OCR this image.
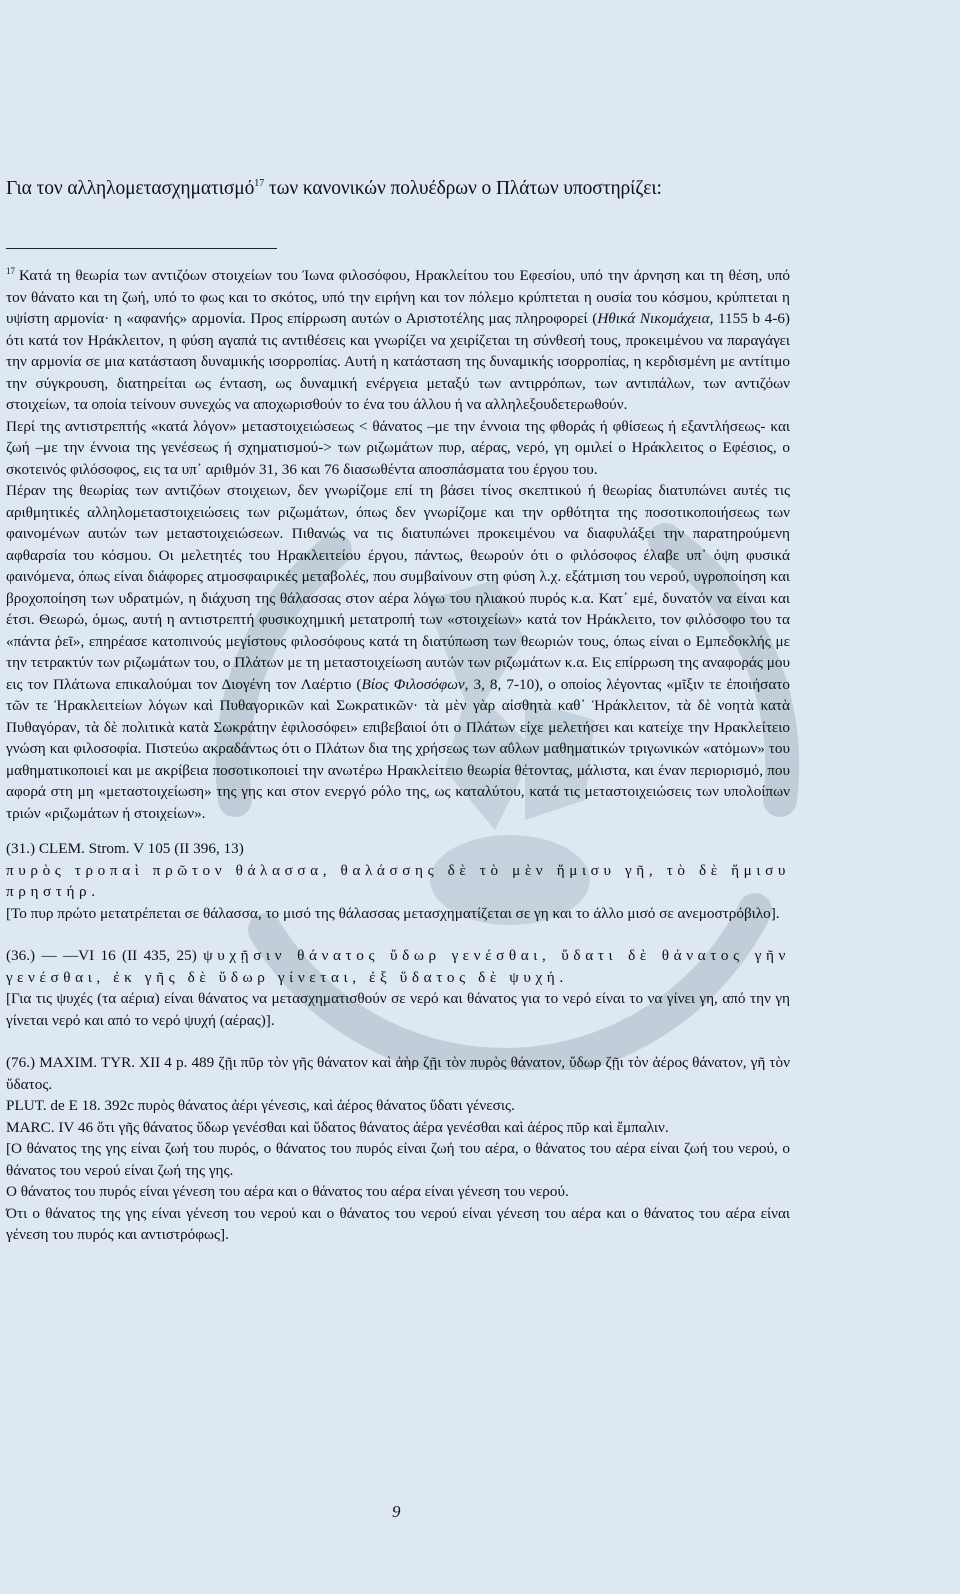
Για τον αλληλομετασχηματισμό$^{17}$ των κανονικών πολυέδρων ο Πλάτων υποστηρίζει:

$^{17}$ Κατά τη θεωρία των αντιζόων στοιχείων του Ίωνα φιλοσόφου, Ηρακλείτου του Εφεσίου, υπό την άρνηση και τη θέση, υπό τον θάνατο και τη ζωή, υπό το φως και το σκότος, υπό την ειρήνη και τον πόλεμο κρύπτεται η ουσία του κόσμου, κρύπτεται η υψίστη αρμονία· η «αφανής» αρμονία. Προς επίρρωση αυτών ο Αριστοτέλης μας πληροφορεί (Ηθικά Νικομάχεια, 1155 b 4-6) ότι κατά τον Ηράκλειτον, η φύση αγαπά τις αντιθέσεις και γνωρίζει να χειρίζεται τη σύνθεσή τους, προκειμένου να παραγάγει την αρμονία σε μια κατάσταση δυναμικής ισορροπίας. Αυτή η κατάσταση της δυναμικής ισορροπίας, η κερδισμένη με αντίτιμο την σύγκρουση, διατηρείται ως ένταση, ως δυναμική ενέργεια μεταξύ των αντιρρόπων, των αντιπάλων, των αντιζόων στοιχείων, τα οποία τείνουν συνεχώς να αποχωρισθούν το ένα του άλλου ή να αλληλεξουδετερωθούν.

Περί της αντιστρεπτής «κατά λόγον» μεταστοιχειώσεως < θάνατος –με την έννοια της φθοράς ή φθίσεως ή εξαντλήσεως- και ζωή –με την έννοια της γενέσεως ή σχηματισμού-> των ριζωμάτων πυρ, αέρας, νερό, γη ομιλεί ο Ηράκλειτος ο Εφέσιος, ο σκοτεινός φιλόσοφος, εις τα υπ᾽ αριθμόν 31, 36 και 76 διασωθέντα αποσπάσματα του έργου του.

Πέραν της θεωρίας των αντιζόων στοιχειων, δεν γνωρίζομε επί τη βάσει τίνος σκεπτικού ή θεωρίας διατυπώνει αυτές τις αριθμητικές αλληλομεταστοιχειώσεις των ριζωμάτων, όπως δεν γνωρίζομε και την ορθότητα της ποσοτικοποιήσεως των φαινομένων αυτών των μεταστοιχειώσεων. Πιθανώς να τις διατυπώνει προκειμένου να διαφυλάξει την παρατηρούμενη αφθαρσία του κόσμου. Οι μελετητές του Ηρακλειτείου έργου, πάντως, θεωρούν ότι ο φιλόσοφος έλαβε υπ᾽ όψη φυσικά φαινόμενα, όπως είναι διάφορες ατμοσφαιρικές μεταβολές, που συμβαίνουν στη φύση λ.χ. εξάτμιση του νερού, υγροποίηση και βροχοποίηση των υδρατμών, η διάχυση της θάλασσας στον αέρα λόγω του ηλιακού πυρός κ.α. Κατ᾽ εμέ, δυνατόν να είναι και έτσι. Θεωρώ, όμως, αυτή η αντιστρεπτή φυσικοχημική μετατροπή των «στοιχείων» κατά τον Ηράκλειτο, τον φιλόσοφο του τα «πάντα ῥεῖ», επηρέασε κατοπινούς μεγίστους φιλοσόφους κατά τη διατύπωση των θεωριών τους, όπως είναι ο Εμπεδοκλής με την τετρακτύν των ριζωμάτων του, ο Πλάτων με τη μεταστοιχείωση αυτών των ριζωμάτων κ.α. Εις επίρρωση της αναφοράς μου εις τον Πλάτωνα επικαλούμαι τον Διογένη τον Λαέρτιο (Βίος Φιλοσόφων, 3, 8, 7-10), ο οποίος λέγοντας «μῖξιν τε ἐποιήσατο τῶν τε Ἡρακλειτείων λόγων καὶ Πυθαγορικῶν καὶ Σωκρατικῶν· τὰ μὲν γὰρ αἰσθητὰ καθ᾽ Ἡράκλειτον, τὰ δὲ νοητὰ κατὰ Πυθαγόραν, τὰ δὲ πολιτικὰ κατὰ Σωκράτην ἐφιλοσόφει» επιβεβαιοί ότι ο Πλάτων είχε μελετήσει και κατείχε την Ηρακλείτειο γνώση και φιλοσοφία. Πιστεύω ακραδάντως ότι ο Πλάτων δια της χρήσεως των αΰλων μαθηματικών τριγωνικών «ατόμων» του μαθηματικοποιεί και με ακρίβεια ποσοτικοποιεί την ανωτέρω Ηρακλείτειο θεωρία θέτοντας, μάλιστα, και έναν περιορισμό, που αφορά στη μη «μεταστοιχείωση» της γης και στον ενεργό ρόλο της, ως καταλύτου, κατά τις μεταστοιχειώσεις των υπολοίπων τριών «ριζωμάτων ή στοιχείων».

(31.) CLEM. Strom. V 105 (II 396, 13)

πυρὸς τροπαὶ πρῶτον θάλασσα, θαλάσσης δὲ τὸ μὲν ἥμισυ γῆ, τὸ δὲ ἥμισυ πρηστήρ.

[Το πυρ πρώτο μετατρέπεται σε θάλασσα, το μισό της θάλασσας μετασχηματίζεται σε γη και το άλλο μισό σε ανεμοστρόβιλο].

(36.) — —VI 16 (II 435, 25) ψυχῇσιν θάνατος ὕδωρ γενέσθαι, ὕδατι δὲ θάνατος γῆν γενέσθαι, ἐκ γῆς δὲ ὕδωρ γίνεται, ἐξ ὕδατος δὲ ψυχή.

[Για τις ψυχές (τα αέρια) είναι θάνατος να μετασχηματισθούν σε νερό και θάνατος για το νερό είναι το να γίνει γη, από την γη γίνεται νερό και από το νερό ψυχή (αέρας)].

(76.) MAXIM. TYR. XII 4 p. 489 ζῇι πῦρ τὸν γῆς θάνατον καὶ ἀὴρ ζῇι τὸν πυρὸς θάνατον, ὕδωρ ζῇι τὸν ἀέρος θάνατον, γῆ τὸν ὕδατος.

PLUT. de E 18. 392c πυρὸς θάνατος ἀέρι γένεσις, καὶ ἀέρος θάνατος ὕδατι γένεσις.

MARC. IV 46 ὅτι γῆς θάνατος ὕδωρ γενέσθαι καὶ ὕδατος θάνατος ἀέρα γενέσθαι καὶ ἀέρος πῦρ καὶ ἔμπαλιν.

[Ο θάνατος της γης είναι ζωή του πυρός, ο θάνατος του πυρός είναι ζωή του αέρα, ο θάνατος του αέρα είναι ζωή του νερού, ο θάνατος του νερού είναι ζωή της γης.

Ο θάνατος του πυρός είναι γένεση του αέρα και ο θάνατος του αέρα είναι γένεση του νερού.

Ότι ο θάνατος της γης είναι γένεση του νερού και ο θάνατος του νερού είναι γένεση του αέρα και ο θάνατος του αέρα είναι γένεση του πυρός και αντιστρόφως].

9
